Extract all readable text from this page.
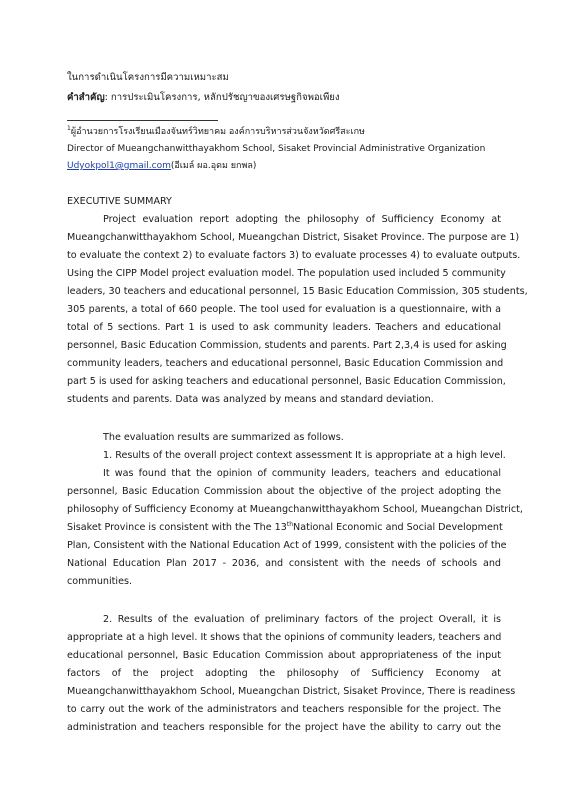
ในการดำเนินโครงการมีความเหมาะสม
คำสำคัญ: การประเมินโครงการ, หลักปรัชญาของเศรษฐกิจพอเพียง
$^1$ผู้อำนวยการโรงเรียนเมืองจันทร์วิทยาคม องค์การบริหารส่วนจังหวัดศรีสะเกษ
Director of Mueangchanwitthayakhom School, Sisaket Provincial Administrative Organization
Udyokpol1@gmail.com(อีเมล์ ผอ.อุดม ยกพล)
EXECUTIVE SUMMARY
Project evaluation report adopting the philosophy of Sufficiency Economy at
Mueangchanwitthayakhom School, Mueangchan District, Sisaket Province. The purpose are 1)
to evaluate the context 2) to evaluate factors 3) to evaluate processes 4) to evaluate outputs.
Using the CIPP Model project evaluation model. The population used included 5 community
leaders, 30 teachers and educational personnel, 15 Basic Education Commission, 305 students,
305 parents, a total of 660 people. The tool used for evaluation is a questionnaire, with a
total of 5 sections. Part 1 is used to ask community leaders. Teachers and educational
personnel, Basic Education Commission, students and parents. Part 2,3,4 is used for asking
community leaders, teachers and educational personnel, Basic Education Commission and
part 5 is used for asking teachers and educational personnel, Basic Education Commission,
students and parents. Data was analyzed by means and standard deviation.
The evaluation results are summarized as follows.
1. Results of the overall project context assessment It is appropriate at a high level.
It was found that the opinion of community leaders, teachers and educational
personnel, Basic Education Commission about the objective of the project adopting the
philosophy of Sufficiency Economy at Mueangchanwitthayakhom School, Mueangchan District,
Sisaket Province is consistent with the The 13th National Economic and Social Development
Plan, Consistent with the National Education Act of 1999, consistent with the policies of the
National Education Plan 2017 - 2036, and consistent with the needs of schools and
communities.
2. Results of the evaluation of preliminary factors of the project Overall, it is
appropriate at a high level. It shows that the opinions of community leaders, teachers and
educational personnel, Basic Education Commission about appropriateness of the input
factors of the project adopting the philosophy of Sufficiency Economy at
Mueangchanwitthayakhom School, Mueangchan District, Sisaket Province, There is readiness
to carry out the work of the administrators and teachers responsible for the project. The
administration and teachers responsible for the project have the ability to carry out the
